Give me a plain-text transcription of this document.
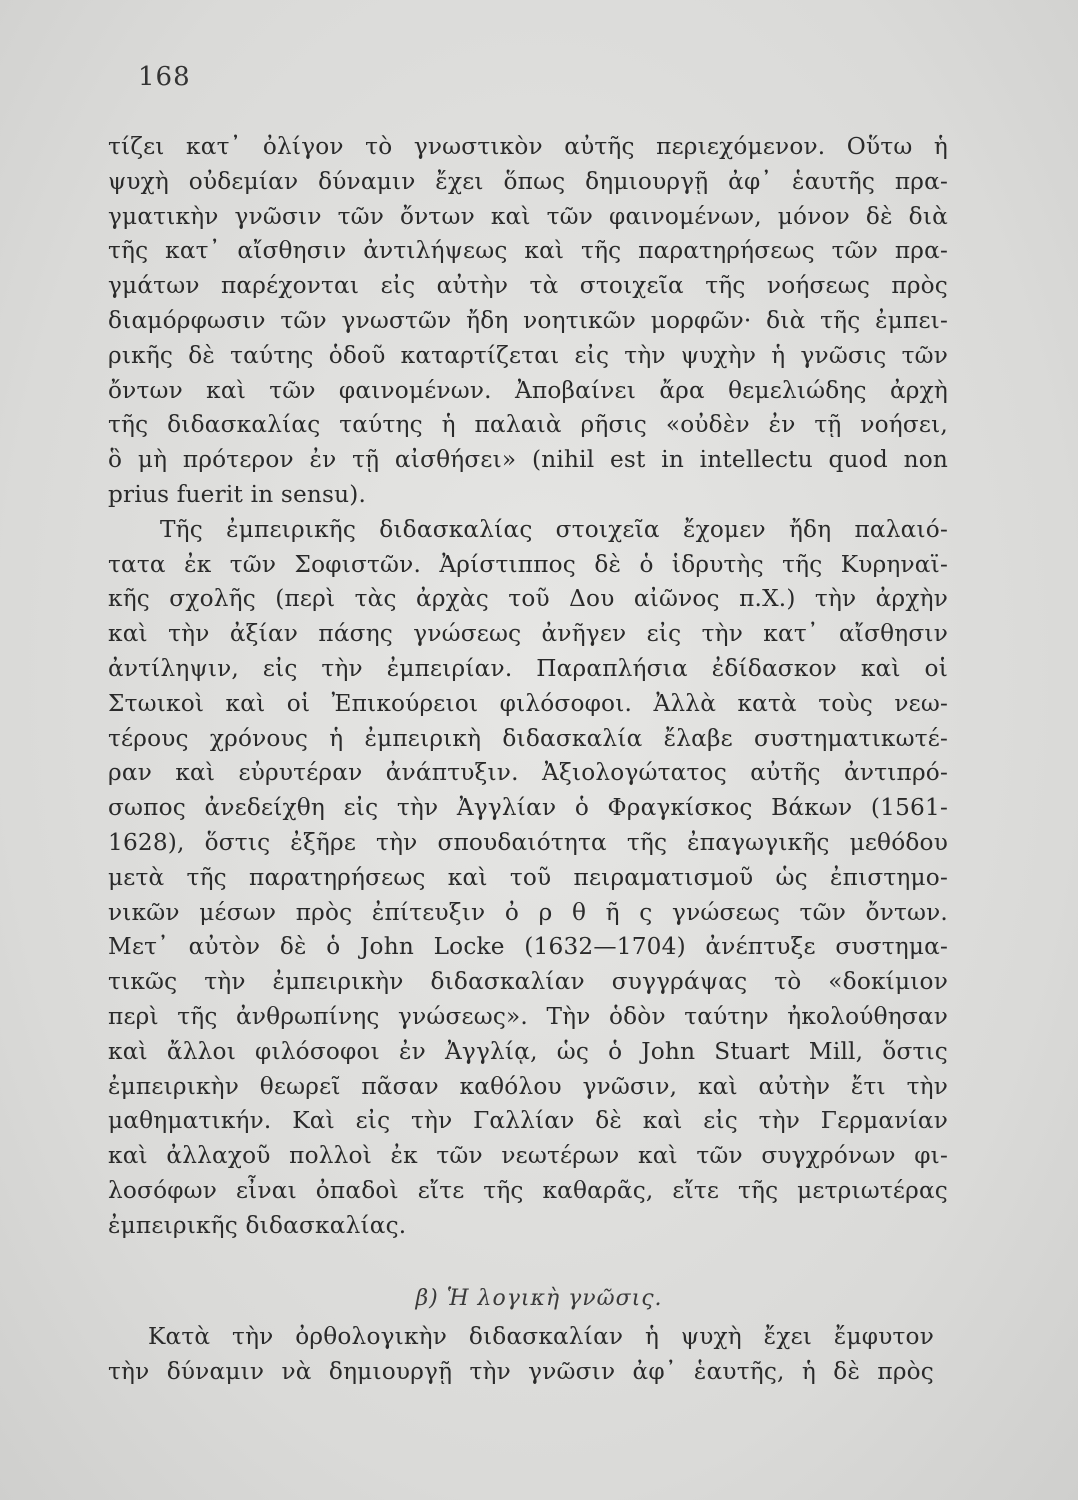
168
τίζει κατ᾽ ὀλίγον τὸ γνωστικὸν αὐτῆς περιεχόμενον. Οὕτω ἡ
ψυχὴ οὐδεμίαν δύναμιν ἔχει ὅπως δημιουργῇ ἀφ᾽ ἑαυτῆς πρα-
γματικὴν γνῶσιν τῶν ὄντων καὶ τῶν φαινομένων, μόνον δὲ διὰ
τῆς κατ᾽ αἴσθησιν ἀντιλήψεως καὶ τῆς παρατηρήσεως τῶν πρα-
γμάτων παρέχονται εἰς αὐτὴν τὰ στοιχεῖα τῆς νοήσεως πρὸς
διαμόρφωσιν τῶν γνωστῶν ἤδη νοητικῶν μορφῶν· διὰ τῆς ἐμπει-
ρικῆς δὲ ταύτης ὁδοῦ καταρτίζεται εἰς τὴν ψυχὴν ἡ γνῶσις τῶν
ὄντων καὶ τῶν φαινομένων. Ἀποβαίνει ἄρα θεμελιώδης ἀρχὴ
τῆς διδασκαλίας ταύτης ἡ παλαιὰ ρῆσις «οὐδὲν ἐν τῇ νοήσει,
ὃ μὴ πρότερον ἐν τῇ αἰσθήσει» (nihil est in intellectu quod non
prius fuerit in sensu).
Τῆς ἐμπειρικῆς διδασκαλίας στοιχεῖα ἔχομεν ἤδη παλαιό-
τατα ἐκ τῶν Σοφιστῶν. Ἀρίστιππος δὲ ὁ ἱδρυτὴς τῆς Κυρηναϊ-
κῆς σχολῆς (περὶ τὰς ἀρχὰς τοῦ Δου αἰῶνος π.Χ.) τὴν ἀρχὴν
καὶ τὴν ἀξίαν πάσης γνώσεως ἀνῆγεν εἰς τὴν κατ᾽ αἴσθησιν
ἀντίληψιν, εἰς τὴν ἐμπειρίαν. Παραπλήσια ἐδίδασκον καὶ οἱ
Στωικοὶ καὶ οἱ Ἐπικούρειοι φιλόσοφοι. Ἀλλὰ κατὰ τοὺς νεω-
τέρους χρόνους ἡ ἐμπειρικὴ διδασκαλία ἔλαβε συστηματικωτέ-
ραν καὶ εὐρυτέραν ἀνάπτυξιν. Ἀξιολογώτατος αὐτῆς ἀντιπρό-
σωπος ἀνεδείχθη εἰς τὴν Ἀγγλίαν ὁ Φραγκίσκος Βάκων (1561-
1628), ὅστις ἐξῆρε τὴν σπουδαιότητα τῆς ἐπαγωγικῆς μεθόδου
μετὰ τῆς παρατηρήσεως καὶ τοῦ πειραματισμοῦ ὡς ἐπιστημο-
νικῶν μέσων πρὸς ἐπίτευξιν ὀ ρ θ ῆ ς γνώσεως τῶν ὄντων.
Μετ᾽ αὐτὸν δὲ ὁ John Locke (1632—1704) ἀνέπτυξε συστημα-
τικῶς τὴν ἐμπειρικὴν διδασκαλίαν συγγράψας τὸ «δοκίμιον
περὶ τῆς ἀνθρωπίνης γνώσεως». Τὴν ὁδὸν ταύτην ἠκολούθησαν
καὶ ἄλλοι φιλόσοφοι ἐν Ἀγγλίᾳ, ὡς ὁ John Stuart Mill, ὅστις
ἐμπειρικὴν θεωρεῖ πᾶσαν καθόλου γνῶσιν, καὶ αὐτὴν ἔτι τὴν
μαθηματικήν. Καὶ εἰς τὴν Γαλλίαν δὲ καὶ εἰς τὴν Γερμανίαν
καὶ ἀλλαχοῦ πολλοὶ ἐκ τῶν νεωτέρων καὶ τῶν συγχρόνων φι-
λοσόφων εἶναι ὀπαδοὶ εἴτε τῆς καθαρᾶς, εἴτε τῆς μετριωτέρας
ἐμπειρικῆς διδασκαλίας.
β) Ἡ λογικὴ γνῶσις.
Κατὰ τὴν ὀρθολογικὴν διδασκαλίαν ἡ ψυχὴ ἔχει ἔμφυτον
τὴν δύναμιν νὰ δημιουργῇ τὴν γνῶσιν ἀφ᾽ ἑαυτῆς, ἡ δὲ πρὸς
